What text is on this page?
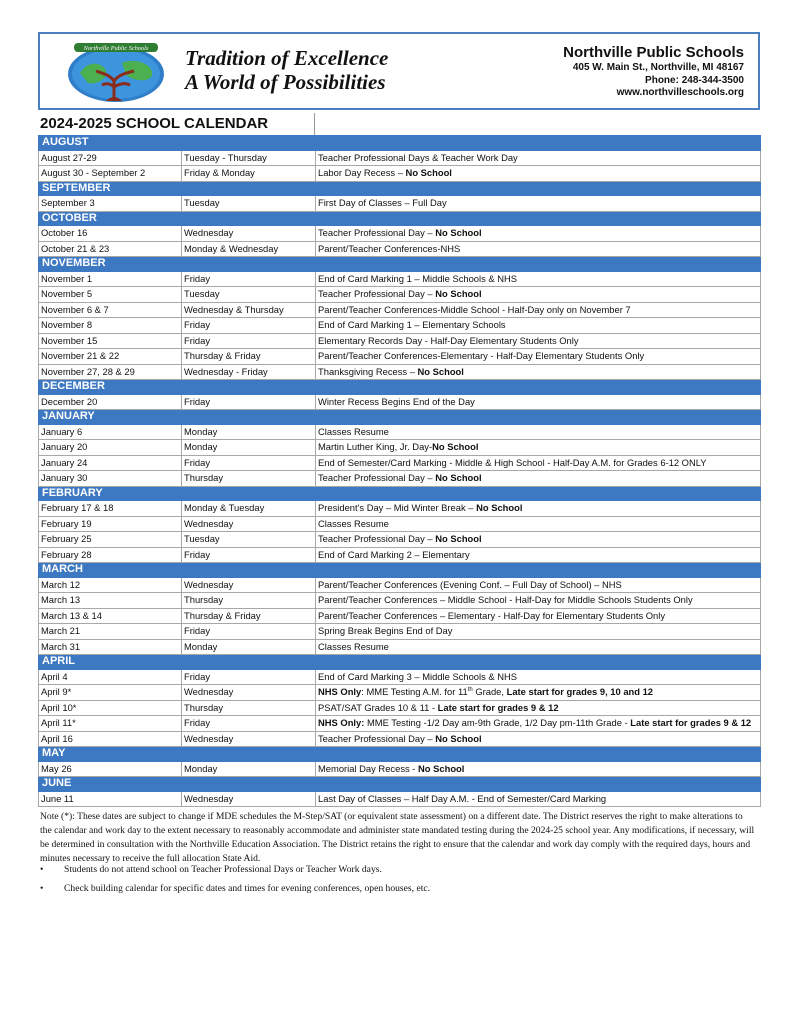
Northville Public Schools Tradition of Excellence
A World of Possibilities
Northville Public Schools
405 W. Main St., Northville, MI 48167
Phone: 248-344-3500
www.northvilleschools.org
2024-2025 SCHOOL CALENDAR
AUGUST		
August 27-29	Tuesday - Thursday	Teacher Professional Days & Teacher Work Day
August 30 - September 2	Friday & Monday	Labor Day Recess – No School
SEPTEMBER		
September 3	Tuesday	First Day of Classes – Full Day
OCTOBER		
October 16	Wednesday	Teacher Professional Day – No School
October 21 & 23	Monday & Wednesday	Parent/Teacher Conferences-NHS
NOVEMBER		
November 1	Friday	End of Card Marking 1 – Middle Schools & NHS
November 5	Tuesday	Teacher Professional Day – No School
November 6 & 7	Wednesday & Thursday	Parent/Teacher Conferences-Middle School - Half-Day only on November 7
November 8	Friday	End of Card Marking 1 – Elementary Schools
November 15	Friday	Elementary Records Day - Half-Day Elementary Students Only
November 21 & 22	Thursday & Friday	Parent/Teacher Conferences-Elementary - Half-Day Elementary Students Only
November 27, 28 & 29	Wednesday - Friday	Thanksgiving Recess – No School
DECEMBER		
December 20	Friday	Winter Recess Begins End of the Day
JANUARY		
January 6	Monday	Classes Resume
January 20	Monday	Martin Luther King, Jr. Day-No School
January 24	Friday	End of Semester/Card Marking - Middle & High School - Half-Day A.M. for Grades 6-12 ONLY
January 30	Thursday	Teacher Professional Day – No School
FEBRUARY		
February 17 & 18	Monday & Tuesday	President's Day – Mid Winter Break – No School
February 19	Wednesday	Classes Resume
February 25	Tuesday	Teacher Professional Day – No School
February 28	Friday	End of Card Marking 2 – Elementary
MARCH		
March 12	Wednesday	Parent/Teacher Conferences (Evening Conf. – Full Day of School) – NHS
March 13	Thursday	Parent/Teacher Conferences – Middle School - Half-Day for Middle Schools Students Only
March 13 & 14	Thursday & Friday	Parent/Teacher Conferences – Elementary - Half-Day for Elementary Students Only
March 21	Friday	Spring Break Begins End of Day
March 31	Monday	Classes Resume
APRIL		
April 4	Friday	End of Card Marking 3 – Middle Schools & NHS
April 9*	Wednesday	NHS Only: MME Testing A.M. for 11th Grade, Late start for grades 9, 10 and 12
April 10*	Thursday	PSAT/SAT Grades 10 & 11 - Late start for grades 9 & 12
April 11*	Friday	NHS Only: MME Testing -1/2 Day am-9th Grade, 1/2 Day pm-11th Grade - Late start for grades 9 & 12
April 16	Wednesday	Teacher Professional Day – No School
MAY		
May 26	Monday	Memorial Day Recess - No School
JUNE		
June 11	Wednesday	Last Day of Classes – Half Day A.M. - End of Semester/Card Marking
Note (*): These dates are subject to change if MDE schedules the M-Step/SAT (or equivalent state assessment) on a different date. The District reserves the right to make alterations to the calendar and work day to the extent necessary to reasonably accommodate and administer state mandated testing during the 2024-25 school year. Any modifications, if necessary, will be determined in consultation with the Northville Education Association. The District retains the right to ensure that the calendar and work day comply with the required days, hours and minutes necessary to receive the full allocation State Aid.
• Students do not attend school on Teacher Professional Days or Teacher Work days.
• Check building calendar for specific dates and times for evening conferences, open houses, etc.
